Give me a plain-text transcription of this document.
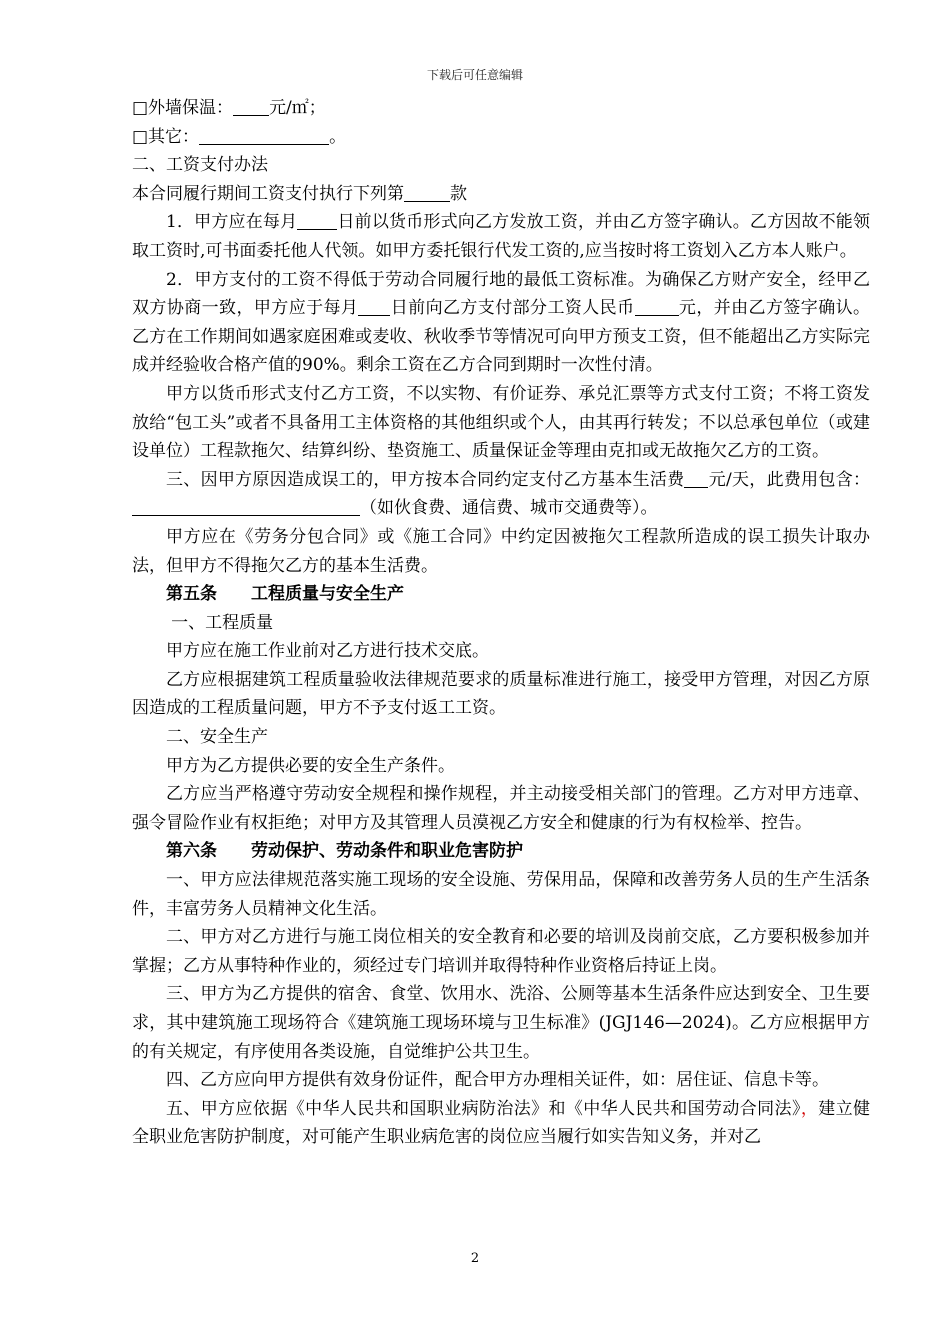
下载后可任意编辑
□外墙保温： 元/㎡；
□其它：	。
二、工资支付办法
本合同履行期间工资支付执行下列第	款

1．甲方应在每月 日前以货币形式向乙方发放工资，并由乙方签字确认。乙方因故不能领取工资时,可书面委托他人代领。如甲方委托银行代发工资的,应当按时将工资划入乙方本人账户。

2．甲方支付的工资不得低于劳动合同履行地的最低工资标准。为确保乙方财产安全，经甲乙双方协商一致，甲方应于每月 日前向乙方支付部分工资人民币	元，并由乙方签字确认。乙方在工作期间如遇家庭困难或麦收、秋收季节等情况可向甲方预支工资，但不能超出乙方实际完成并经验收合格产值的90%。剩余工资在乙方合同到期时一次性付清。

甲方以货币形式支付乙方工资，不以实物、有价证券、承兑汇票等方式支付工资；不将工资发放给“包工头”或者不具备用工主体资格的其他组织或个人，由其再行转发；不以总承包单位（或建设单位）工程款拖欠、结算纠纷、垫资施工、质量保证金等理由克扣或无故拖欠乙方的工资。

三、因甲方原因造成误工的，甲方按本合同约定支付乙方基本生活费 元/天，此费用包含：（如伙食费、通信费、城市交通费等）。

甲方应在《劳务分包合同》或《施工合同》中约定因被拖欠工程款所造成的误工损失计取办法，但甲方不得拖欠乙方的基本生活费。

第五条　　工程质量与安全生产

一、工程质量

甲方应在施工作业前对乙方进行技术交底。

乙方应根据建筑工程质量验收法律规范要求的质量标准进行施工，接受甲方管理，对因乙方原因造成的工程质量问题，甲方不予支付返工工资。

二、安全生产

甲方为乙方提供必要的安全生产条件。

乙方应当严格遵守劳动安全规程和操作规程，并主动接受相关部门的管理。乙方对甲方违章、强令冒险作业有权拒绝；对甲方及其管理人员漠视乙方安全和健康的行为有权检举、控告。

第六条　　劳动保护、劳动条件和职业危害防护

一、甲方应法律规范落实施工现场的安全设施、劳保用品，保障和改善劳务人员的生产生活条件，丰富劳务人员精神文化生活。

二、甲方对乙方进行与施工岗位相关的安全教育和必要的培训及岗前交底，乙方要积极参加并掌握；乙方从事特种作业的，须经过专门培训并取得特种作业资格后持证上岗。

三、甲方为乙方提供的宿舍、食堂、饮用水、洗浴、公厕等基本生活条件应达到安全、卫生要求，其中建筑施工现场符合《建筑施工现场环境与卫生标准》(JGJ146—2024)。乙方应根据甲方的有关规定，有序使用各类设施，自觉维护公共卫生。

四、乙方应向甲方提供有效身份证件，配合甲方办理相关证件，如：居住证、信息卡等。

五、甲方应依据《中华人民共和国职业病防治法》和《中华人民共和国劳动合同法》，建立健全职业危害防护制度，对可能产生职业病危害的岗位应当履行如实告知义务，并对乙

2
